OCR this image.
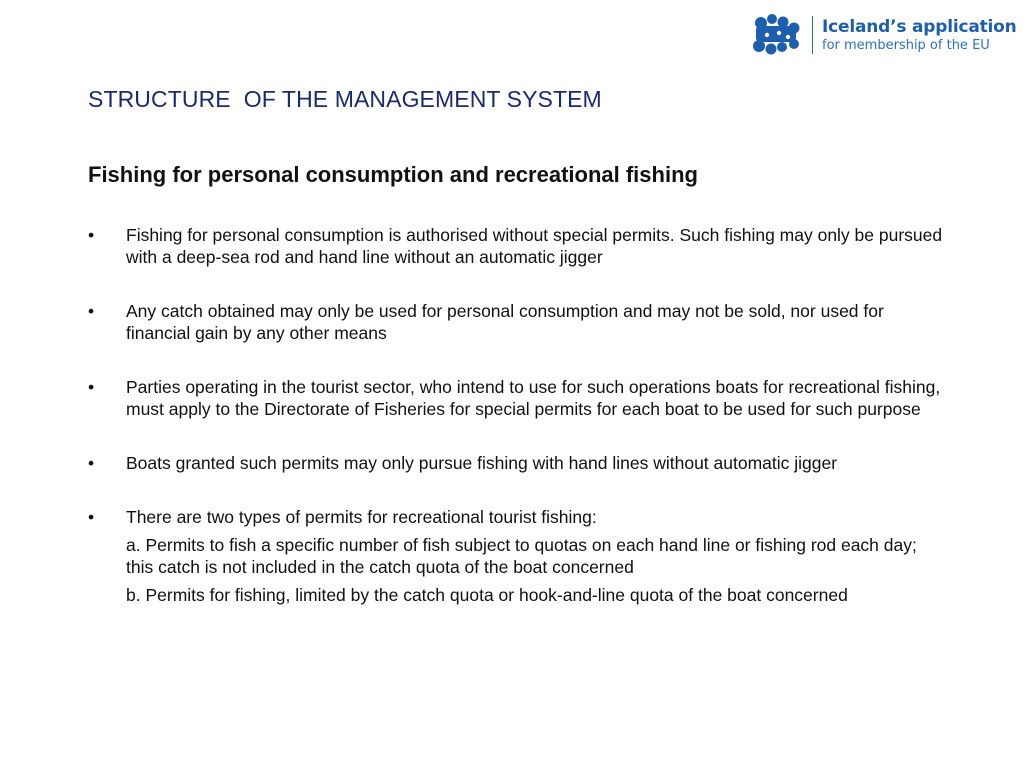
Iceland’s application
for membership of the EU
STRUCTURE  OF THE MANAGEMENT SYSTEM
Fishing for personal consumption and recreational fishing
• Fishing for personal consumption is authorised without special permits. Such fishing may only be pursued with a deep-sea rod and hand line without an automatic jigger
• Any catch obtained may only be used for personal consumption and may not be sold, nor used for financial gain by any other means
• Parties operating in the tourist sector, who intend to use for such operations boats for recreational fishing, must apply to the Directorate of Fisheries for special permits for each boat to be used for such purpose
• Boats granted such permits may only pursue fishing with hand lines without automatic jigger
• There are two types of permits for recreational tourist fishing:
a. Permits to fish a specific number of fish subject to quotas on each hand line or fishing rod each day; this catch is not included in the catch quota of the boat concerned
b. Permits for fishing, limited by the catch quota or hook-and-line quota of the boat concerned
